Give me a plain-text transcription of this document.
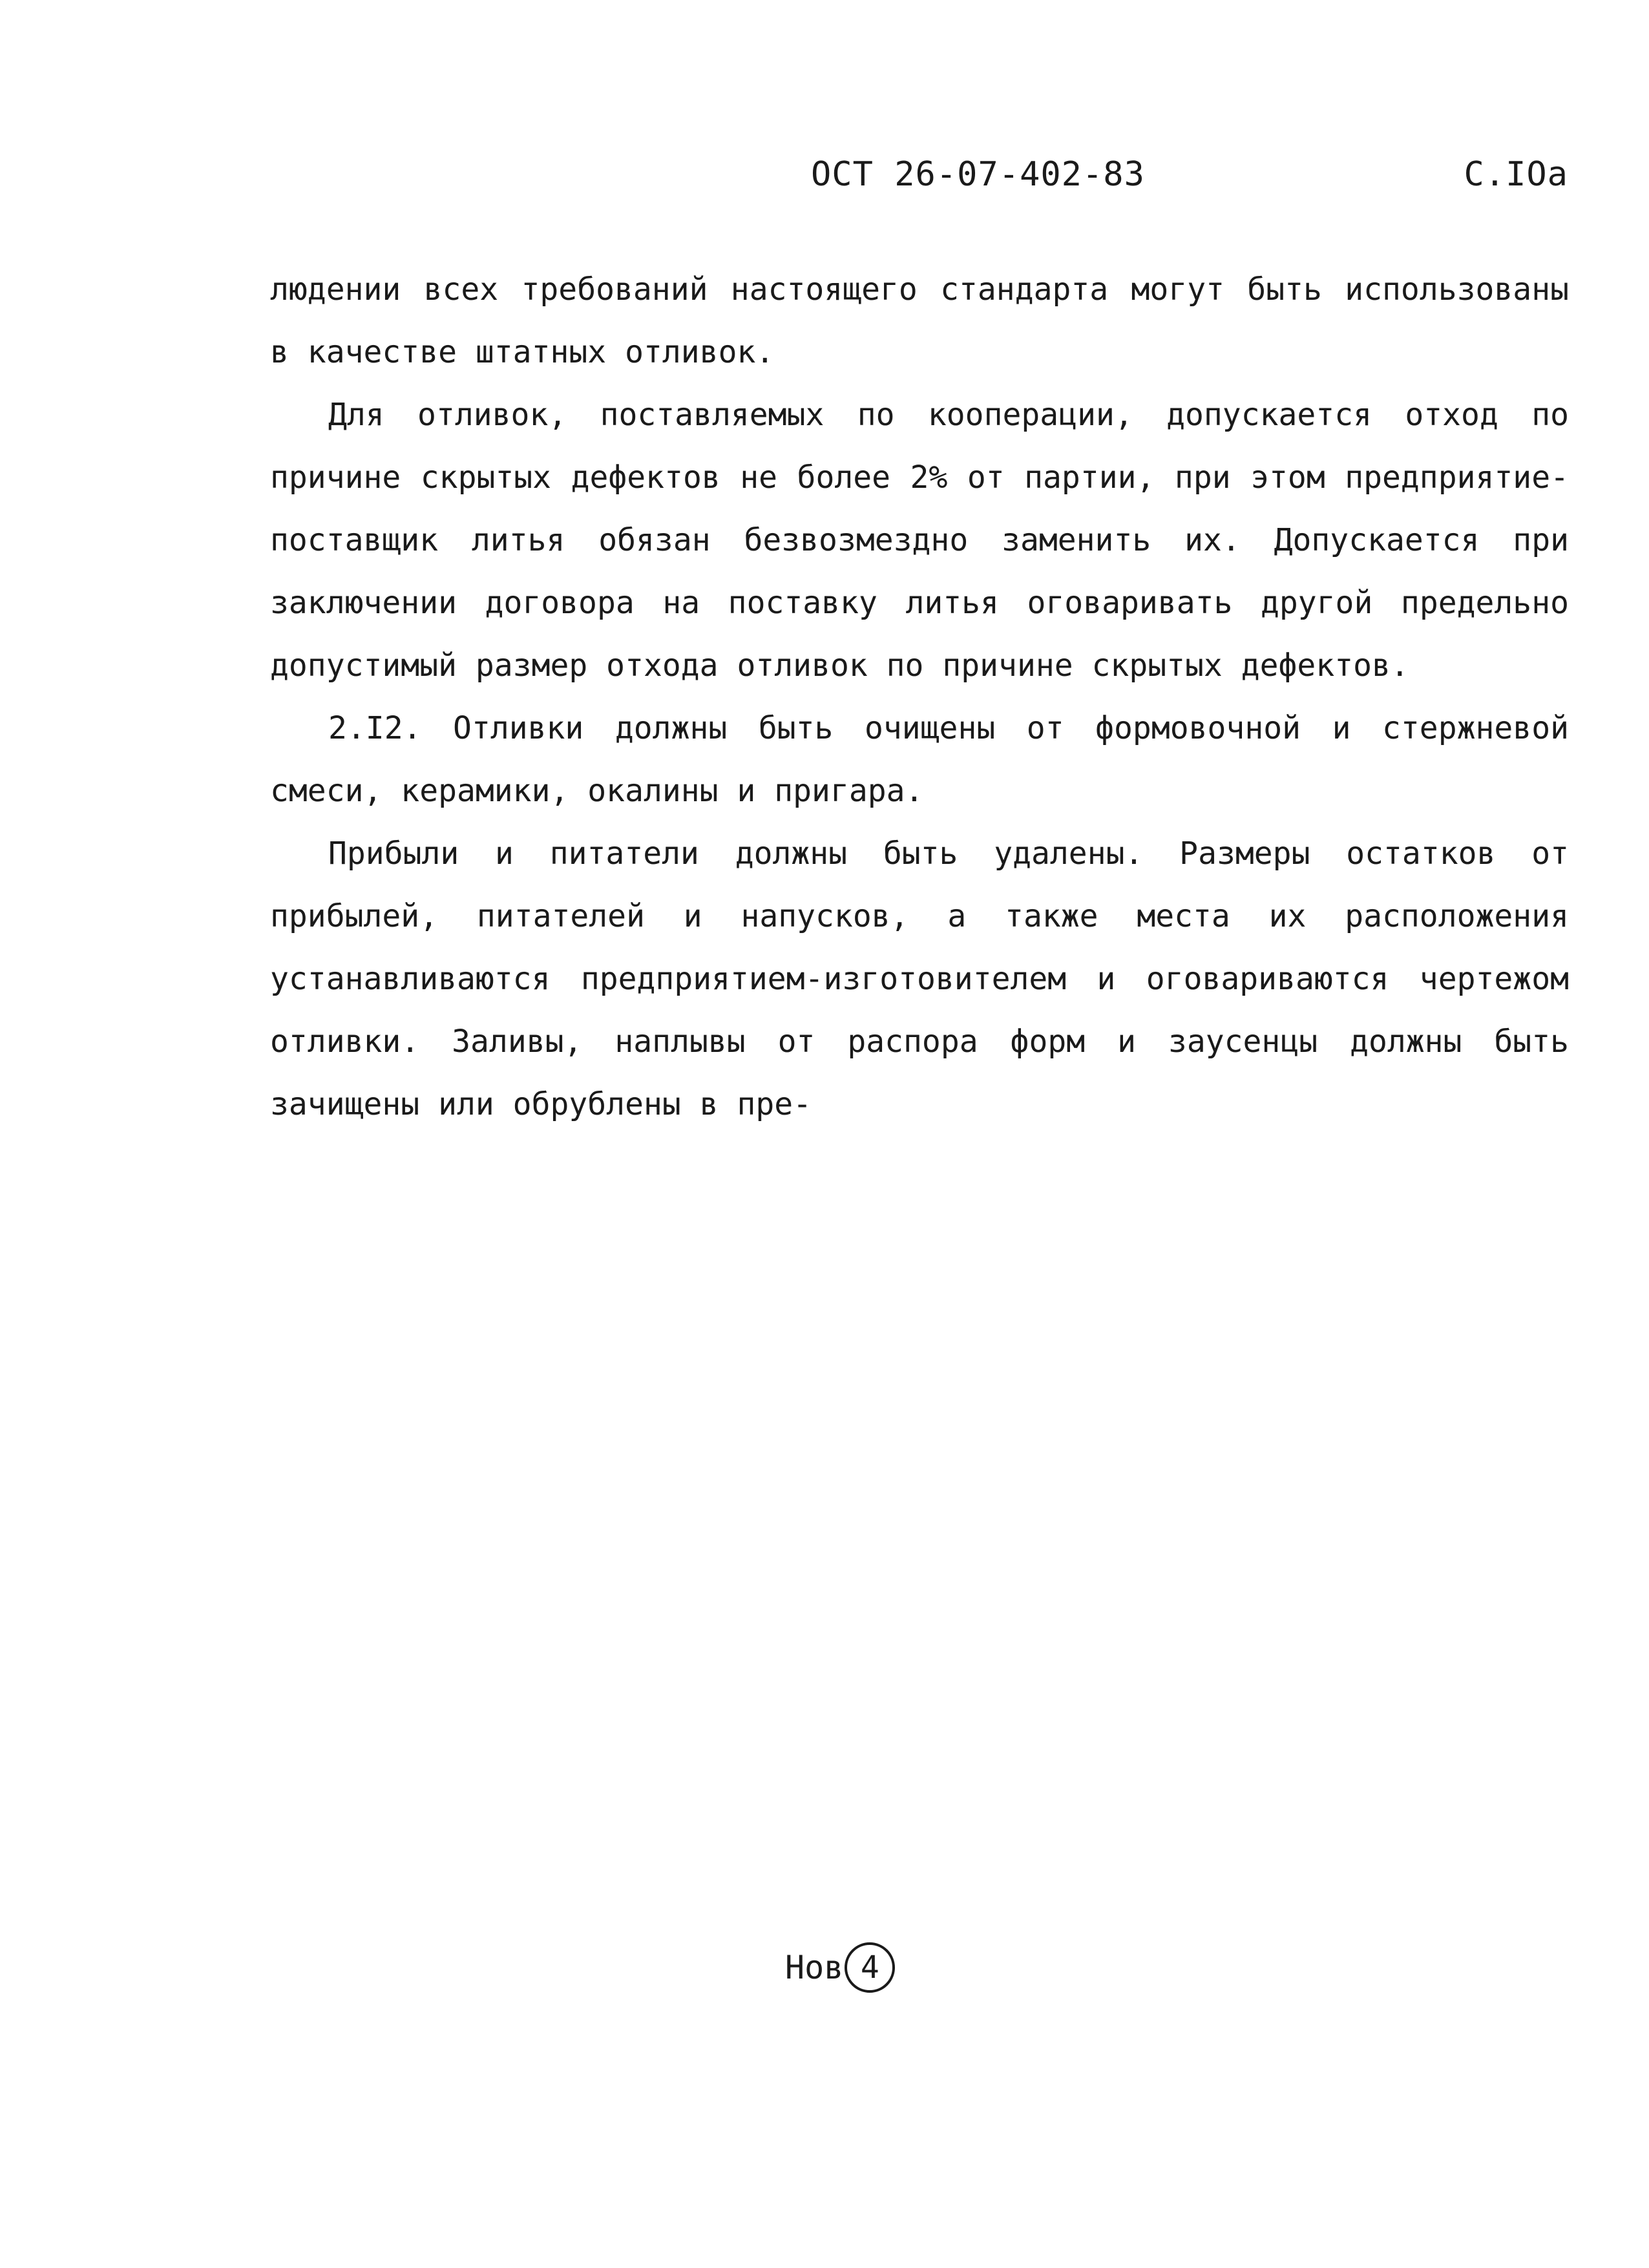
ОСТ 26-07-402-83	С.IОа

людении всех требований настоящего стандарта могут быть использованы в качестве штатных отливок.

Для отливок, поставляемых по кооперации, допускается отход по причине скрытых дефектов не более 2% от партии, при этом предприятие-поставщик литья обязан безвозмездно заменить их. Допускается при заключении договора на поставку литья оговаривать другой предельно допустимый размер отхода отливок по причине скрытых дефектов.

2.I2. Отливки должны быть очищены от формовочной и стержневой смеси, керамики, окалины и пригара.

Прибыли и питатели должны быть удалены. Размеры остатков от прибылей, питателей и напусков, а также места их расположения устанавливаются предприятием-изготовителем и оговариваются чертежом отливки. Заливы, наплывы от распора форм и заусенцы должны быть зачищены или обрублены в пре-

Нов 4
